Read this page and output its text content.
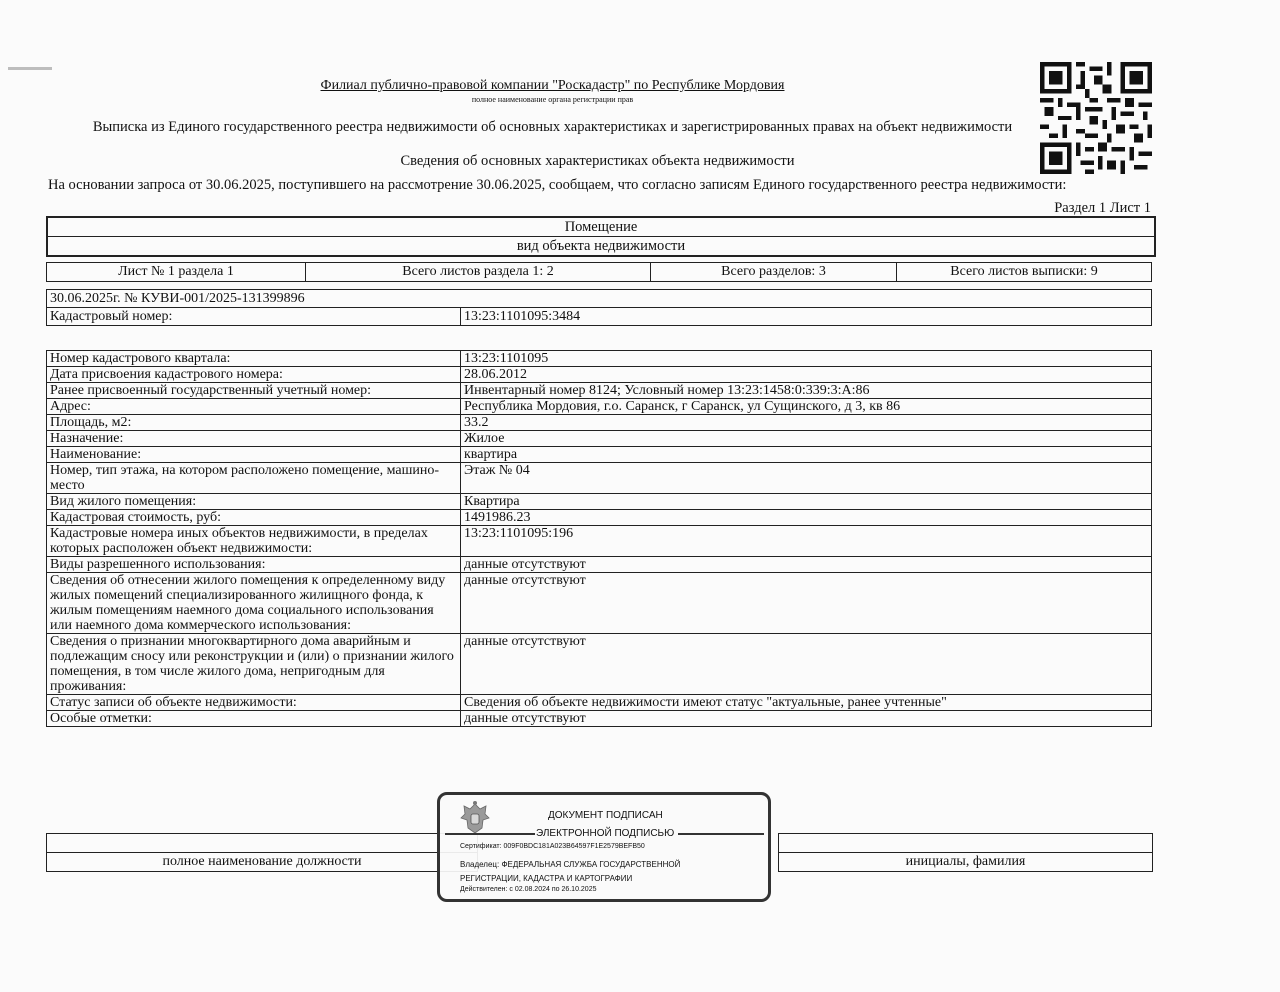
Филиал публично-правовой компании "Роскадастр" по Республике Мордовия
полное наименование органа регистрации прав
Выписка из Единого государственного реестра недвижимости об основных характеристиках и зарегистрированных правах на объект недвижимости
Сведения об основных характеристиках объекта недвижимости
На основании запроса от 30.06.2025, поступившего на рассмотрение 30.06.2025, сообщаем, что согласно записям Единого государственного реестра недвижимости:
Раздел 1 Лист 1
Помещение
вид объекта недвижимости
Лист № 1 раздела 1	Всего листов раздела 1: 2	Всего разделов: 3	Всего листов выписки: 9
30.06.2025г. № КУВИ-001/2025-131399896
Кадастровый номер:	13:23:1101095:3484
Номер кадастрового квартала:	13:23:1101095
Дата присвоения кадастрового номера:	28.06.2012
Ранее присвоенный государственный учетный номер:	Инвентарный номер 8124; Условный номер 13:23:1458:0:339:3:А:86
Адрес:	Республика Мордовия, г.о. Саранск, г Саранск, ул Сущинского, д 3, кв 86
Площадь, м2:	33.2
Назначение:	Жилое
Наименование:	квартира
Номер, тип этажа, на котором расположено помещение, машино-место	Этаж № 04
Вид жилого помещения:	Квартира
Кадастровая стоимость, руб:	1491986.23
Кадастровые номера иных объектов недвижимости, в пределах которых расположен объект недвижимости:	13:23:1101095:196
Виды разрешенного использования:	данные отсутствуют
Сведения об отнесении жилого помещения к определенному виду жилых помещений специализированного жилищного фонда, к жилым помещениям наемного дома социального использования или наемного дома коммерческого использования:	данные отсутствуют
Сведения о признании многоквартирного дома аварийным и подлежащим сносу или реконструкции и (или) о признании жилого помещения, в том числе жилого дома, непригодным для проживания:	данные отсутствуют
Статус записи об объекте недвижимости:	Сведения об объекте недвижимости имеют статус "актуальные, ранее учтенные"
Особые отметки:	данные отсутствуют

полное наименование должности		инициалы, фамилия
ДОКУМЕНТ ПОДПИСАН
ЭЛЕКТРОННОЙ ПОДПИСЬЮ
Сертификат: 009F0BDC181A023B64597F1E2579BEFB50
Владелец: ФЕДЕРАЛЬНАЯ СЛУЖБА ГОСУДАРСТВЕННОЙ РЕГИСТРАЦИИ, КАДАСТРА И КАРТОГРАФИИ
Действителен: с 02.08.2024 по 26.10.2025
